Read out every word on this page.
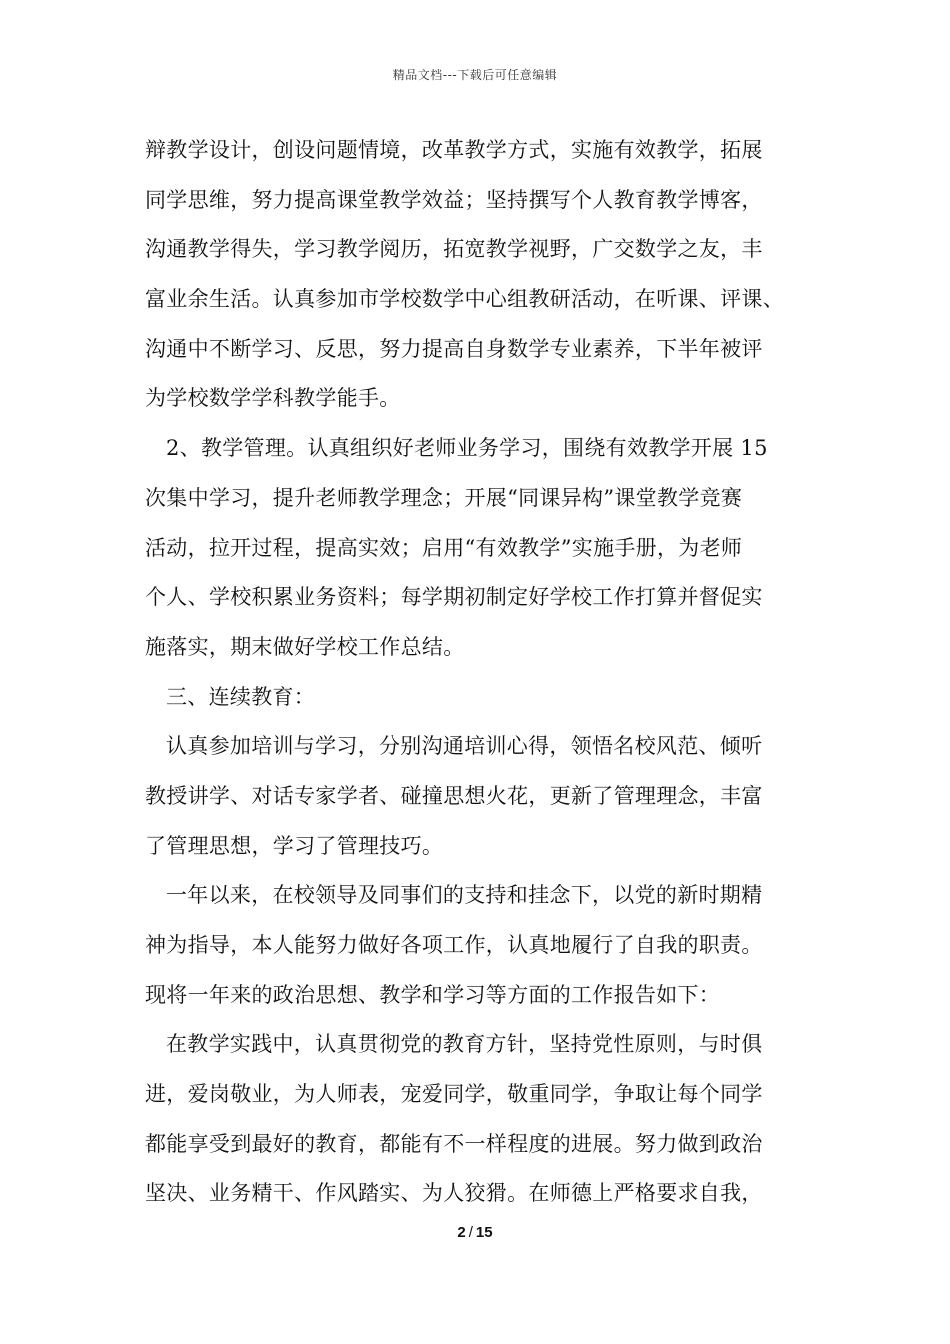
精品文档---下载后可任意编辑
辩教学设计，创设问题情境，改革教学方式，实施有效教学，拓展
同学思维，努力提高课堂教学效益；坚持撰写个人教育教学博客，
沟通教学得失，学习教学阅历，拓宽教学视野，广交数学之友，丰
富业余生活。认真参加市学校数学中心组教研活动，在听课、评课、
沟通中不断学习、反思，努力提高自身数学专业素养，下半年被评
为学校数学学科教学能手。
2、教学管理。认真组织好老师业务学习，围绕有效教学开展 15
次集中学习，提升老师教学理念；开展“同课异构”课堂教学竞赛
活动，拉开过程，提高实效；启用“有效教学”实施手册，为老师
个人、学校积累业务资料；每学期初制定好学校工作打算并督促实
施落实，期末做好学校工作总结。
三、连续教育：
认真参加培训与学习，分别沟通培训心得，领悟名校风范、倾听
教授讲学、对话专家学者、碰撞思想火花，更新了管理理念，丰富
了管理思想，学习了管理技巧。
一年以来，在校领导及同事们的支持和挂念下，以党的新时期精
神为指导，本人能努力做好各项工作，认真地履行了自我的职责。
现将一年来的政治思想、教学和学习等方面的工作报告如下：
在教学实践中，认真贯彻党的教育方针，坚持党性原则，与时俱
进，爱岗敬业，为人师表，宠爱同学，敬重同学，争取让每个同学
都能享受到最好的教育，都能有不一样程度的进展。努力做到政治
坚决、业务精干、作风踏实、为人狡猾。在师德上严格要求自我，
2 / 15
